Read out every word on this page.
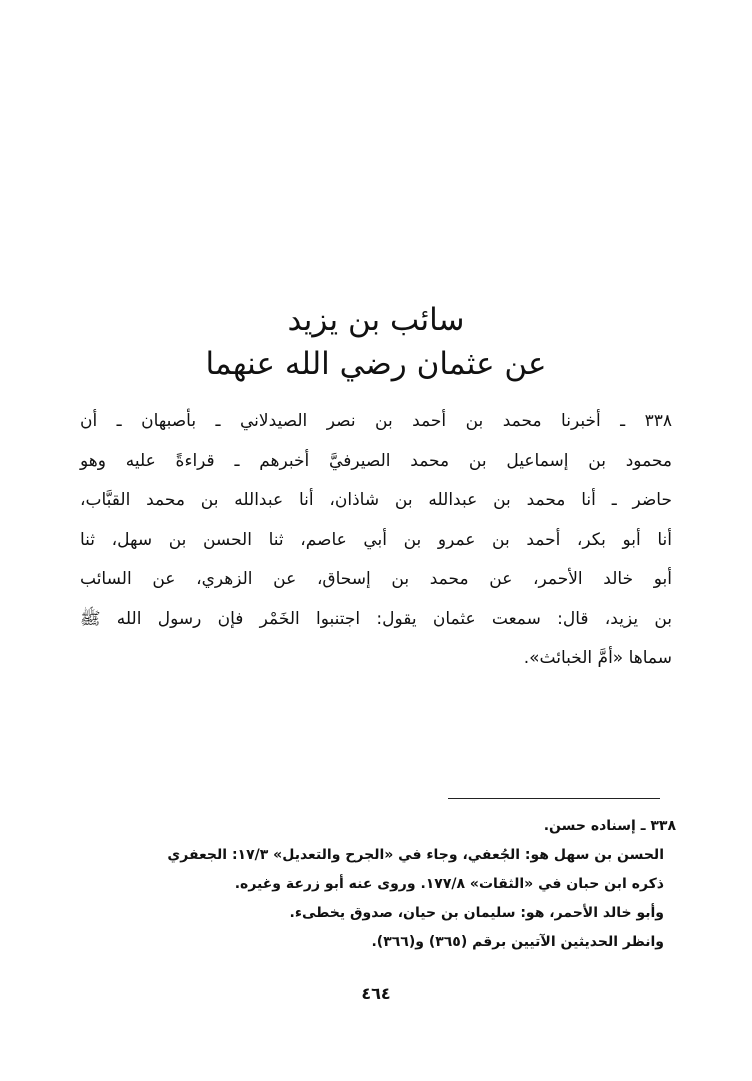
سائب بن يزيد
عن عثمان رضي الله عنهما
٣٣٨ ـ أخبرنا محمد بن أحمد بن نصر الصيدلاني ـ بأصبهان ـ أن
محمود بن إسماعيل بن محمد الصيرفيَّ أخبرهم ـ قراءةً عليه وهو
حاضر ـ أنا محمد بن عبدالله بن شاذان، أنا عبدالله بن محمد القبَّاب،
أنا أبو بكر، أحمد بن عمرو بن أبي عاصم، ثنا الحسن بن سهل، ثنا
أبو خالد الأحمر، عن محمد بن إسحاق، عن الزهري، عن السائب
بن يزيد، قال: سمعت عثمان يقول: اجتنبوا الخَمْر فإن رسول الله ﷺ
سماها «أمَّ الخبائث».
٣٣٨ ـ إسناده حسن.
الحسن بن سهل هو: الجُعفي، وجاء في «الجرح والتعديل» ١٧/٣: الجعفري
ذكره ابن حبان في «الثقات» ١٧٧/٨. وروى عنه أبو زرعة وغيره.
وأبو خالد الأحمر، هو: سليمان بن حيان، صدوق يخطىء.
وانظر الحديثين الآتيين برقم (٣٦٥) و(٣٦٦).
٤٦٤
